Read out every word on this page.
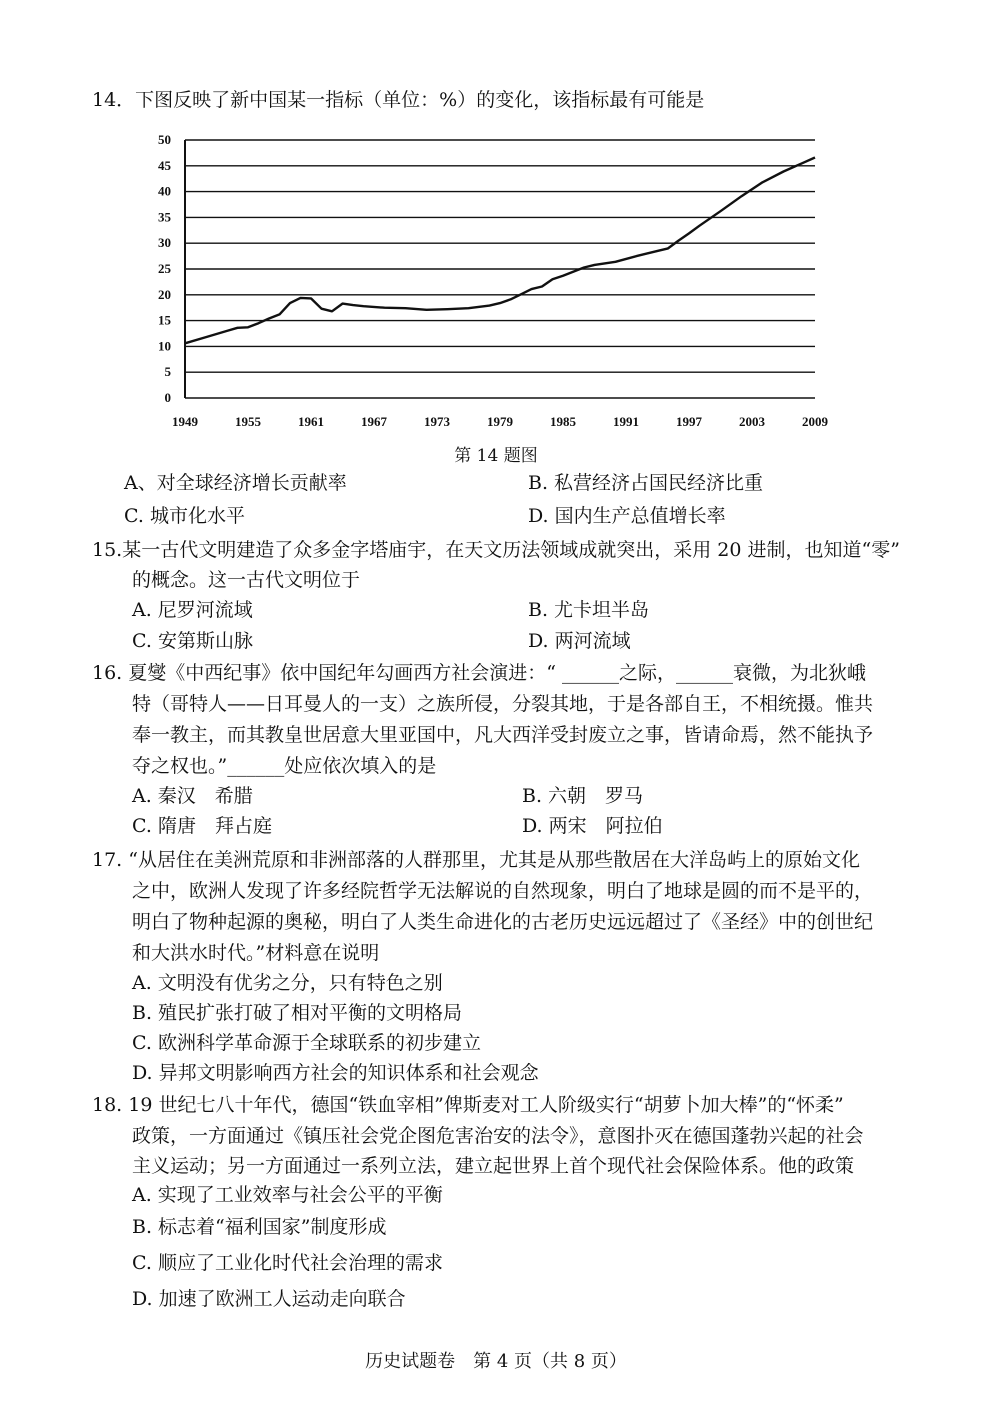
14．下图反映了新中国某一指标（单位：%）的变化，该指标最有可能是
0
5
10
15
20
25
30
35
40
45
50
1949	1955	1961	1967	1973	1979	1985	1991	1997	2003	2009
第 14 题图
A、对全球经济增长贡献率	B. 私营经济占国民经济比重
C. 城市化水平	D. 国内生产总值增长率
15.某一古代文明建造了众多金字塔庙宇，在天文历法领域成就突出，采用 20 进制，也知道“零”
的概念。这一古代文明位于
A. 尼罗河流域	B. 尤卡坦半岛
C. 安第斯山脉	D. 两河流域
16. 夏燮《中西纪事》依中国纪年勾画西方社会演进：“ ______之际，______衰微，为北狄峨
特（哥特人——日耳曼人的一支）之族所侵，分裂其地，于是各部自王，不相统摄。惟共
奉一教主，而其教皇世居意大里亚国中，凡大西洋受封废立之事，皆请命焉，然不能执予
夺之权也。”______处应依次填入的是
A. 秦汉　希腊	B. 六朝　罗马
C. 隋唐　拜占庭	D. 两宋　阿拉伯
17. “从居住在美洲荒原和非洲部落的人群那里，尤其是从那些散居在大洋岛屿上的原始文化
之中，欧洲人发现了许多经院哲学无法解说的自然现象，明白了地球是圆的而不是平的，
明白了物种起源的奥秘，明白了人类生命进化的古老历史远远超过了《圣经》中的创世纪
和大洪水时代。”材料意在说明
A. 文明没有优劣之分，只有特色之别
B. 殖民扩张打破了相对平衡的文明格局
C. 欧洲科学革命源于全球联系的初步建立
D. 异邦文明影响西方社会的知识体系和社会观念
18. 19 世纪七八十年代，德国“铁血宰相”俾斯麦对工人阶级实行“胡萝卜加大棒”的“怀柔”
政策，一方面通过《镇压社会党企图危害治安的法令》，意图扑灭在德国蓬勃兴起的社会
主义运动；另一方面通过一系列立法，建立起世界上首个现代社会保险体系。他的政策
A. 实现了工业效率与社会公平的平衡
B. 标志着“福利国家”制度形成
C. 顺应了工业化时代社会治理的需求
D. 加速了欧洲工人运动走向联合
历史试题卷　第 4 页（共 8 页）
